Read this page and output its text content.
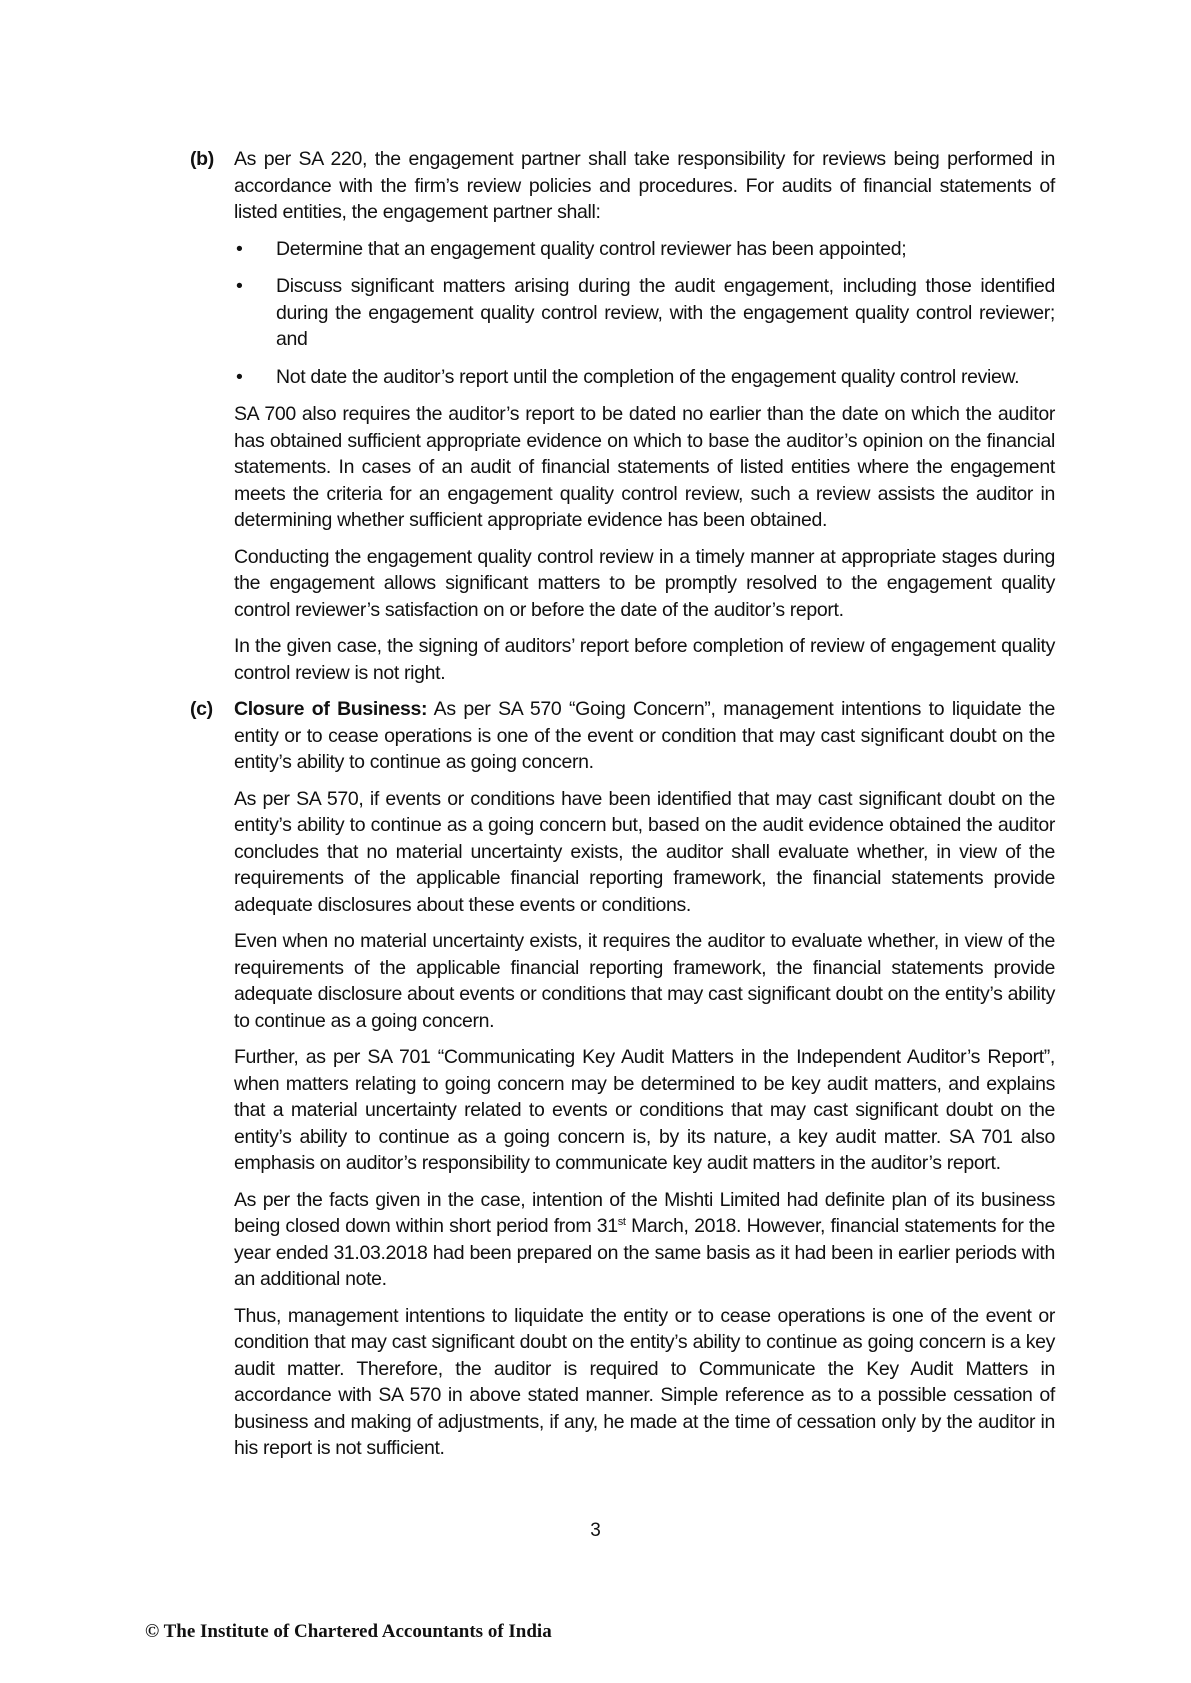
(b) As per SA 220, the engagement partner shall take responsibility for reviews being performed in accordance with the firm’s review policies and procedures. For audits of financial statements of listed entities, the engagement partner shall:

• Determine that an engagement quality control reviewer has been appointed;
• Discuss significant matters arising during the audit engagement, including those identified during the engagement quality control review, with the engagement quality control reviewer; and
• Not date the auditor’s report until the completion of the engagement quality control review.

SA 700 also requires the auditor’s report to be dated no earlier than the date on which the auditor has obtained sufficient appropriate evidence on which to base the auditor’s opinion on the financial statements. In cases of an audit of financial statements of listed entities where the engagement meets the criteria for an engagement quality control review, such a review assists the auditor in determining whether sufficient appropriate evidence has been obtained.

Conducting the engagement quality control review in a timely manner at appropriate stages during the engagement allows significant matters to be promptly resolved to the engagement quality control reviewer’s satisfaction on or before the date of the auditor’s report.

In the given case, the signing of auditors’ report before completion of review of engagement quality control review is not right.

(c) Closure of Business: As per SA 570 “Going Concern”, management intentions to liquidate the entity or to cease operations is one of the event or condition that may cast significant doubt on the entity’s ability to continue as going concern.

As per SA 570, if events or conditions have been identified that may cast significant doubt on the entity’s ability to continue as a going concern but, based on the audit evidence obtained the auditor concludes that no material uncertainty exists, the auditor shall evaluate whether, in view of the requirements of the applicable financial reporting framework, the financial statements provide adequate disclosures about these events or conditions.

Even when no material uncertainty exists, it requires the auditor to evaluate whether, in view of the requirements of the applicable financial reporting framework, the financial statements provide adequate disclosure about events or conditions that may cast significant doubt on the entity’s ability to continue as a going concern.

Further, as per SA 701 “Communicating Key Audit Matters in the Independent Auditor’s Report”, when matters relating to going concern may be determined to be key audit matters, and explains that a material uncertainty related to events or conditions that may cast significant doubt on the entity’s ability to continue as a going concern is, by its nature, a key audit matter. SA 701 also emphasis on auditor’s responsibility to communicate key audit matters in the auditor’s report.

As per the facts given in the case, intention of the Mishti Limited had definite plan of its business being closed down within short period from 31st March, 2018. However, financial statements for the year ended 31.03.2018 had been prepared on the same basis as it had been in earlier periods with an additional note.

Thus, management intentions to liquidate the entity or to cease operations is one of the event or condition that may cast significant doubt on the entity’s ability to continue as going concern is a key audit matter. Therefore, the auditor is required to Communicate the Key Audit Matters in accordance with SA 570 in above stated manner. Simple reference as to a possible cessation of business and making of adjustments, if any, he made at the time of cessation only by the auditor in his report is not sufficient.

3
© The Institute of Chartered Accountants of India
